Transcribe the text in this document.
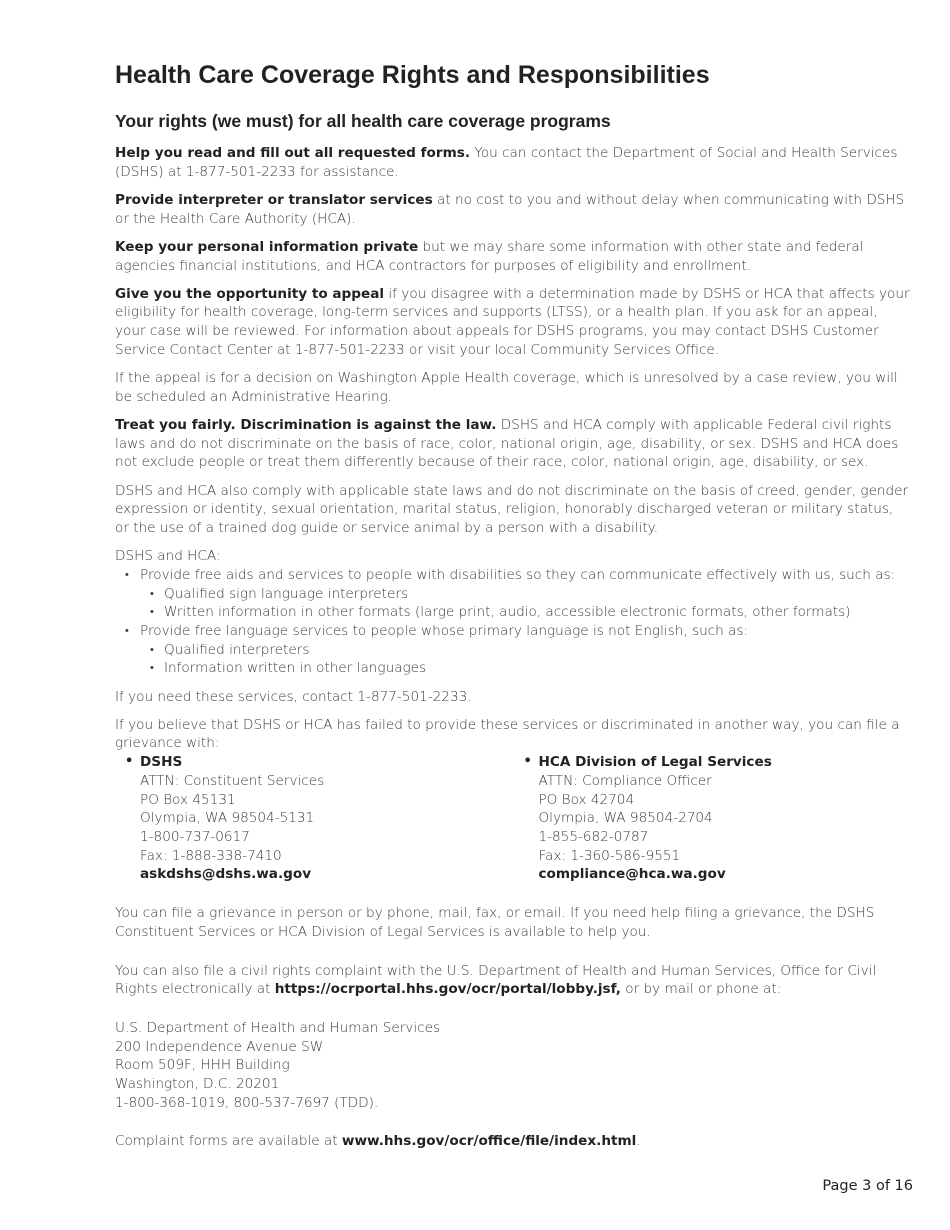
Health Care Coverage Rights and Responsibilities
Your rights (we must) for all health care coverage programs

Help you read and fill out all requested forms. You can contact the Department of Social and Health Services (DSHS) at 1-877-501-2233 for assistance.

Provide interpreter or translator services at no cost to you and without delay when communicating with DSHS or the Health Care Authority (HCA).

Keep your personal information private but we may share some information with other state and federal agencies financial institutions, and HCA contractors for purposes of eligibility and enrollment.

Give you the opportunity to appeal if you disagree with a determination made by DSHS or HCA that affects your eligibility for health coverage, long-term services and supports (LTSS), or a health plan. If you ask for an appeal, your case will be reviewed. For information about appeals for DSHS programs, you may contact DSHS Customer Service Contact Center at 1-877-501-2233 or visit your local Community Services Office.

If the appeal is for a decision on Washington Apple Health coverage, which is unresolved by a case review, you will be scheduled an Administrative Hearing.

Treat you fairly. Discrimination is against the law. DSHS and HCA comply with applicable Federal civil rights laws and do not discriminate on the basis of race, color, national origin, age, disability, or sex. DSHS and HCA does not exclude people or treat them differently because of their race, color, national origin, age, disability, or sex.

DSHS and HCA also comply with applicable state laws and do not discriminate on the basis of creed, gender, gender expression or identity, sexual orientation, marital status, religion, honorably discharged veteran or military status, or the use of a trained dog guide or service animal by a person with a disability.

DSHS and HCA:
• Provide free aids and services to people with disabilities so they can communicate effectively with us, such as:
• Qualified sign language interpreters
• Written information in other formats (large print, audio, accessible electronic formats, other formats)
• Provide free language services to people whose primary language is not English, such as:
• Qualified interpreters
• Information written in other languages

If you need these services, contact 1-877-501-2233.

If you believe that DSHS or HCA has failed to provide these services or discriminated in another way, you can file a grievance with:
• DSHS
ATTN: Constituent Services
PO Box 45131
Olympia, WA 98504-5131
1-800-737-0617
Fax: 1-888-338-7410
askdshs@dshs.wa.gov
• HCA Division of Legal Services
ATTN: Compliance Officer
PO Box 42704
Olympia, WA 98504-2704
1-855-682-0787
Fax: 1-360-586-9551
compliance@hca.wa.gov

You can file a grievance in person or by phone, mail, fax, or email. If you need help filing a grievance, the DSHS Constituent Services or HCA Division of Legal Services is available to help you.

You can also file a civil rights complaint with the U.S. Department of Health and Human Services, Office for Civil Rights electronically at https://ocrportal.hhs.gov/ocr/portal/lobby.jsf, or by mail or phone at:

U.S. Department of Health and Human Services
200 Independence Avenue SW
Room 509F, HHH Building
Washington, D.C. 20201
1-800-368-1019, 800-537-7697 (TDD).

Complaint forms are available at www.hhs.gov/ocr/office/file/index.html.

Page 3 of 16
